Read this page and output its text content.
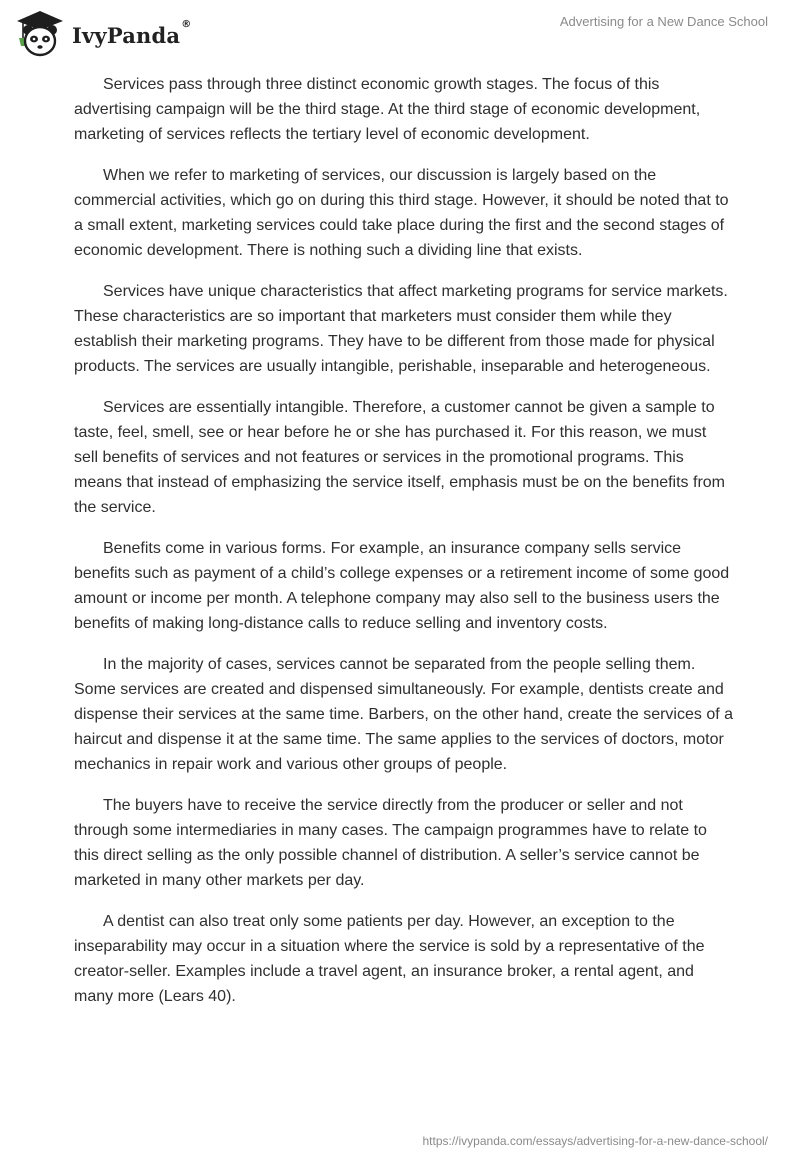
IvyPanda®	Advertising for a New Dance School

Services pass through three distinct economic growth stages. The focus of this advertising campaign will be the third stage. At the third stage of economic development, marketing of services reflects the tertiary level of economic development.

When we refer to marketing of services, our discussion is largely based on the commercial activities, which go on during this third stage. However, it should be noted that to a small extent, marketing services could take place during the first and the second stages of economic development. There is nothing such a dividing line that exists.

Services have unique characteristics that affect marketing programs for service markets. These characteristics are so important that marketers must consider them while they establish their marketing programs. They have to be different from those made for physical products. The services are usually intangible, perishable, inseparable and heterogeneous.

Services are essentially intangible. Therefore, a customer cannot be given a sample to taste, feel, smell, see or hear before he or she has purchased it. For this reason, we must sell benefits of services and not features or services in the promotional programs. This means that instead of emphasizing the service itself, emphasis must be on the benefits from the service.

Benefits come in various forms. For example, an insurance company sells service benefits such as payment of a child’s college expenses or a retirement income of some good amount or income per month. A telephone company may also sell to the business users the benefits of making long-distance calls to reduce selling and inventory costs.

In the majority of cases, services cannot be separated from the people selling them. Some services are created and dispensed simultaneously. For example, dentists create and dispense their services at the same time. Barbers, on the other hand, create the services of a haircut and dispense it at the same time. The same applies to the services of doctors, motor mechanics in repair work and various other groups of people.

The buyers have to receive the service directly from the producer or seller and not through some intermediaries in many cases. The campaign programmes have to relate to this direct selling as the only possible channel of distribution. A seller’s service cannot be marketed in many other markets per day.

A dentist can also treat only some patients per day. However, an exception to the inseparability may occur in a situation where the service is sold by a representative of the creator-seller. Examples include a travel agent, an insurance broker, a rental agent, and many more (Lears 40).

https://ivypanda.com/essays/advertising-for-a-new-dance-school/
